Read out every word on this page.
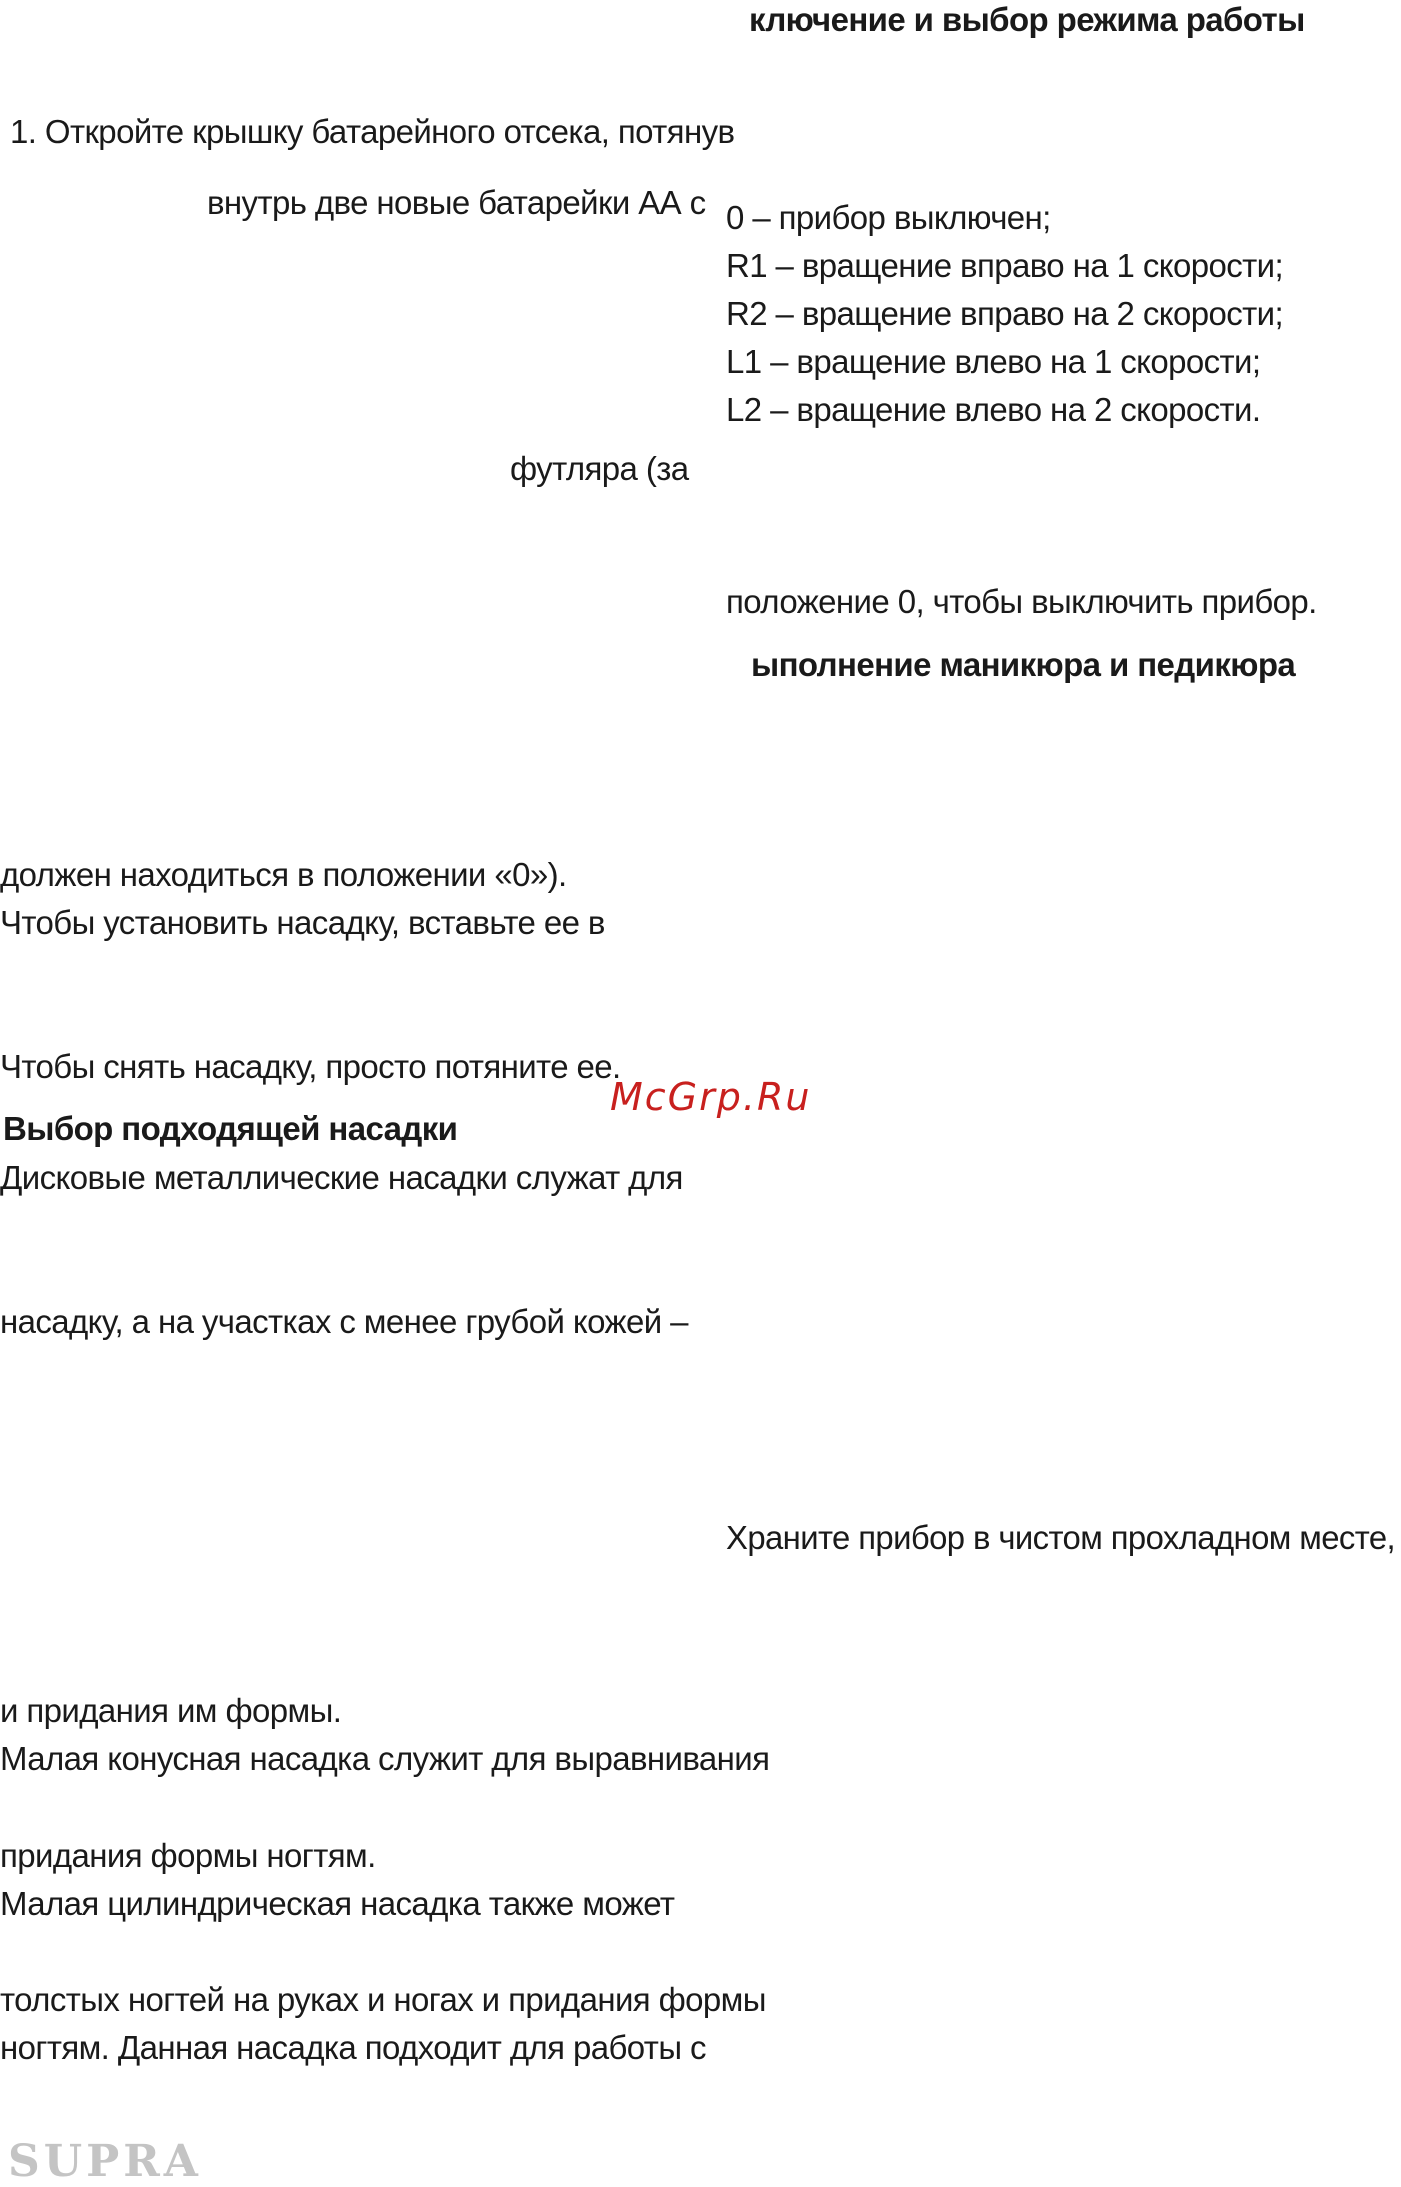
ключение и выбор режима работы
1. Откройте крышку батарейного отсека, потянув
внутрь две новые батарейки АА с 0 – прибор выключен;
R1 – вращение вправо на 1 скорости;
R2 – вращение вправо на 2 скорости;
L1 – вращение влево на 1 скорости;
L2 – вращение влево на 2 скорости.
футляра (за
положение 0, чтобы выключить прибор.
ыполнение маникюра и педикюра
должен находиться в положении «0»).
Чтобы установить насадку, вставьте ее в
Чтобы снять насадку, просто потяните ее.
McGrp.Ru
Выбор подходящей насадки
Дисковые металлические насадки служат для
насадку, а на участках с менее грубой кожей –
Храните прибор в чистом прохладном месте,
и придания им формы.
Малая конусная насадка служит для выравнивания
придания формы ногтям.
Малая цилиндрическая насадка также может
толстых ногтей на руках и ногах и придания формы
ногтям. Данная насадка подходит для работы с
SUPRA
